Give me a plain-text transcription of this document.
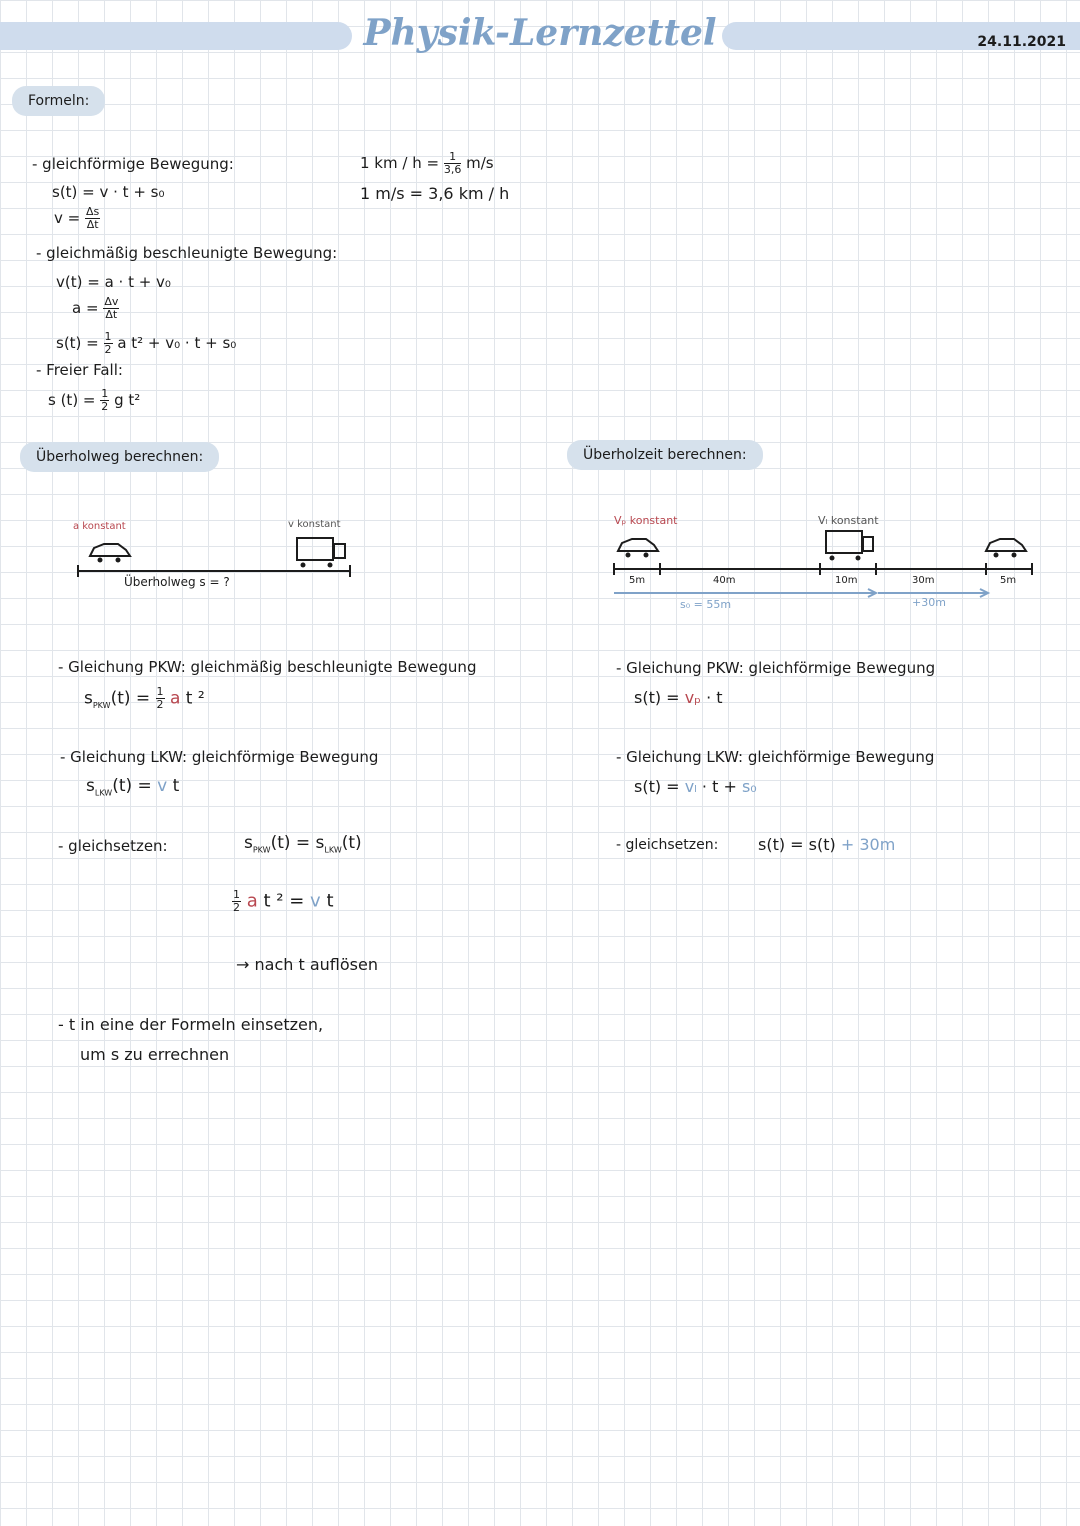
Physik-Lernzettel	24.11.2021
Formeln:
- gleichförmige Bewegung:
s(t) = v · t + s₀
$v = \frac{\Delta s}{\Delta t}$
- gleichmäßig beschleunigte Bewegung:
v(t) = a · t + v₀
$a = \frac{\Delta v}{\Delta t}$
$s(t) = \frac{1}{2}$ a t² + v₀ · t + s₀
- Freier Fall:
s $(t) = \frac{1}{2}$ g t²
1 km / $h = \frac{1}{3,6} m/s$
1 m/s = 3,6 km / h
Überholweg berechnen:
a konstant	v konstant
Überholweg s = ?
- Gleichung PKW: gleichmäßig beschleunigte Bewegung
$s_{PKW}(t) = \frac{1}{2}$ a t ²
- Gleichung LKW: gleichförmige Bewegung
$s_{LKW}(t) = v$ t
- gleichsetzen:	$s_{PKW}(t) = s_{LKW}(t)$
$\frac{1}{2}$ a t ² = v t
→ nach t auflösen
- t in eine der Formeln einsetzen,
um s zu errechnen
Überholzeit berechnen:
Vₚ konstant	Vₗ konstant
5m	40m	10m	30m	5m
s₀ = 55m	+30m
- Gleichung PKW: gleichförmige Bewegung
s(t) = vₚ · t
- Gleichung LKW: gleichförmige Bewegung
s(t) = vₗ · t + s₀
- gleichsetzen: s(t) = s(t) + 30m
